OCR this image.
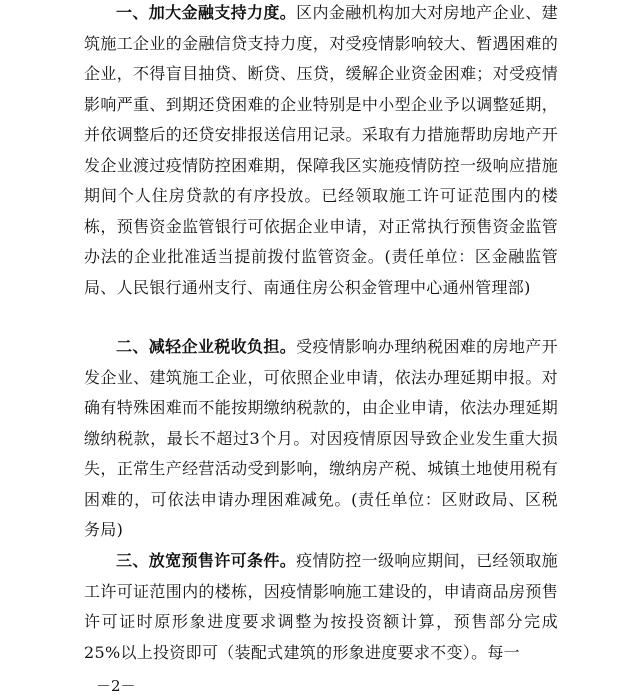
一、加大金融支持力度。区内金融机构加大对房地产企业、建筑施工企业的金融信贷支持力度，对受疫情影响较大、暂遇困难的企业，不得盲目抽贷、断贷、压贷，缓解企业资金困难；对受疫情影响严重、到期还贷困难的企业特别是中小型企业予以调整延期，并依调整后的还贷安排报送信用记录。采取有力措施帮助房地产开发企业渡过疫情防控困难期，保障我区实施疫情防控一级响应措施期间个人住房贷款的有序投放。已经领取施工许可证范围内的楼栋，预售资金监管银行可依据企业申请，对正常执行预售资金监管办法的企业批准适当提前拨付监管资金。(责任单位：区金融监管局、人民银行通州支行、南通住房公积金管理中心通州管理部)

二、减轻企业税收负担。受疫情影响办理纳税困难的房地产开发企业、建筑施工企业，可依照企业申请，依法办理延期申报。对确有特殊困难而不能按期缴纳税款的，由企业申请，依法办理延期缴纳税款，最长不超过3个月。对因疫情原因导致企业发生重大损失，正常生产经营活动受到影响，缴纳房产税、城镇土地使用税有困难的，可依法申请办理困难减免。(责任单位：区财政局、区税务局)

三、放宽预售许可条件。疫情防控一级响应期间，已经领取施工许可证范围内的楼栋，因疫情影响施工建设的，申请商品房预售许可证时原形象进度要求调整为按投资额计算，预售部分完成 25%以上投资即可（装配式建筑的形象进度要求不变）。每一

－2－
